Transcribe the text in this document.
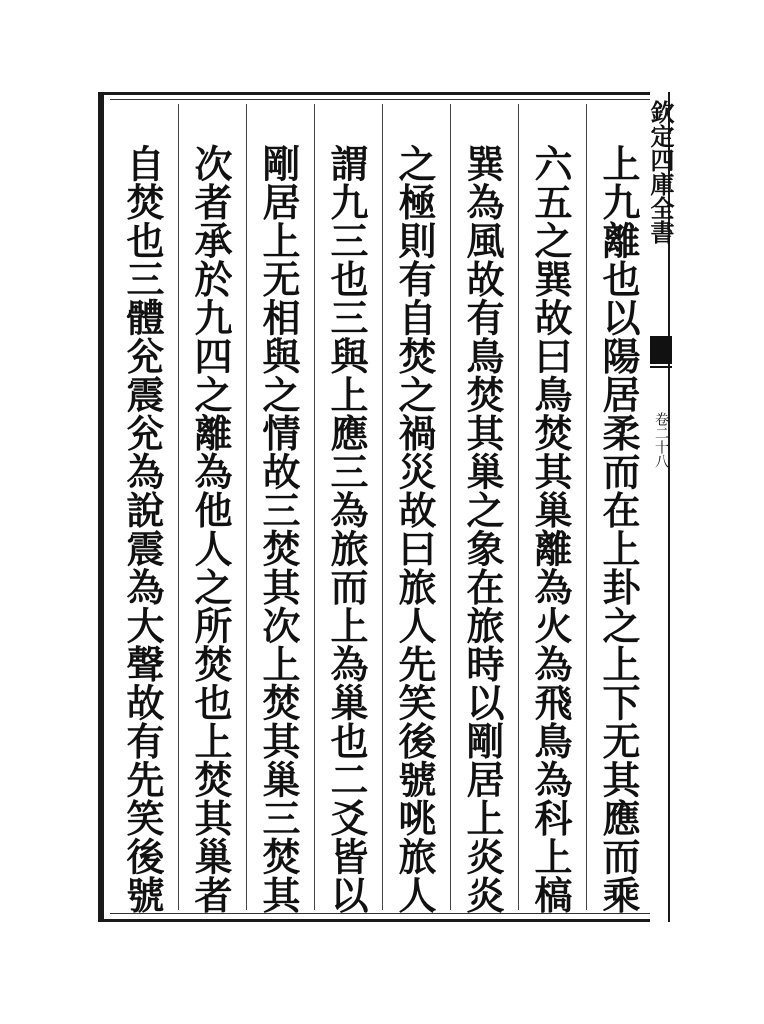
欽定四庫全書
卷二十八
上九離也以陽居柔而在上卦之上下无其應而乘
六五之巽故曰鳥焚其巢離為火為飛鳥為科上槁
巽為風故有鳥焚其巢之象在旅時以剛居上炎炎
之極則有自焚之禍災故曰旅人先笑後號咷旅人
謂九三也三與上應三為旅而上為巢也二爻皆以
剛居上无相與之情故三焚其次上焚其巢三焚其
次者承於九四之離為他人之所焚也上焚其巢者
自焚也三體兊震兊為說震為大聲故有先笑後號
